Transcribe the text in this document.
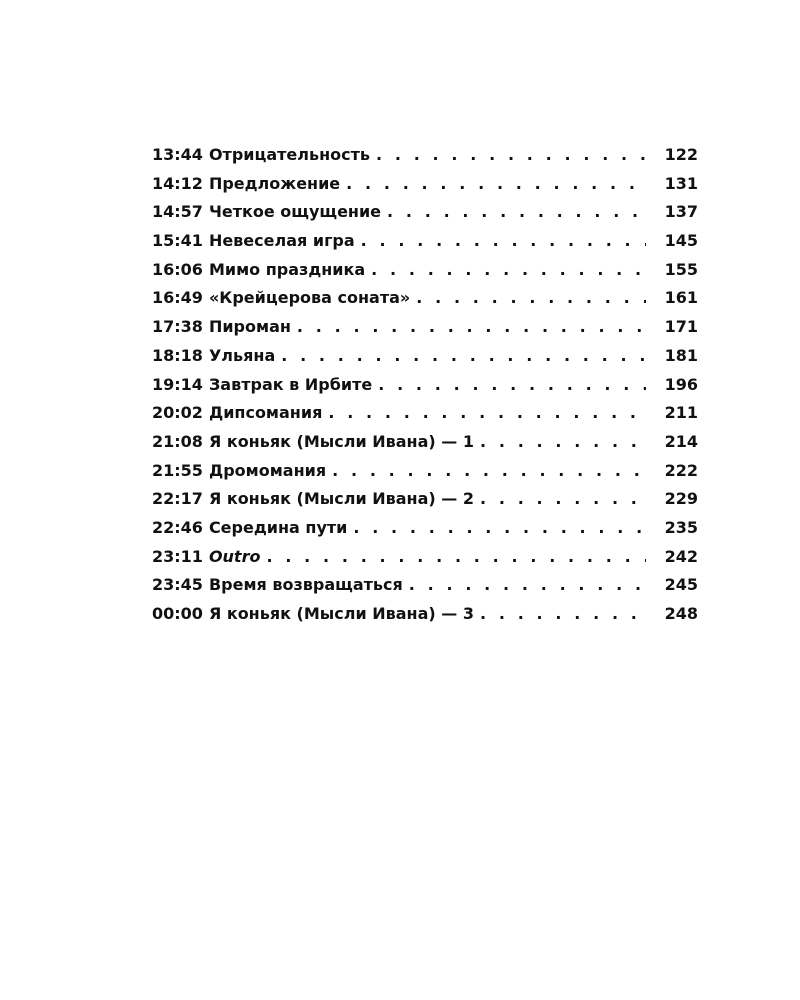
13:44 Отрицательность . . .	122
14:12 Предложение . . .	131
14:57 Четкое ощущение . . .	137
15:41 Невеселая игра . . .	145
16:06 Мимо праздника . . .	155
16:49 «Крейцерова соната» . . .	161
17:38 Пироман . . .	171
18:18 Ульяна . . .	181
19:14 Завтрак в Ирбите . . .	196
20:02 Дипсомания . . .	211
21:08 Я коньяк (Мысли Ивана) — 1 . . .	214
21:55 Дромомания . . .	222
22:17 Я коньяк (Мысли Ивана) — 2 . . .	229
22:46 Середина пути . . .	235
23:11 Outro . . .	242
23:45 Время возвращаться . . .	245
00:00 Я коньяк (Мысли Ивана) — 3 . . .	248
